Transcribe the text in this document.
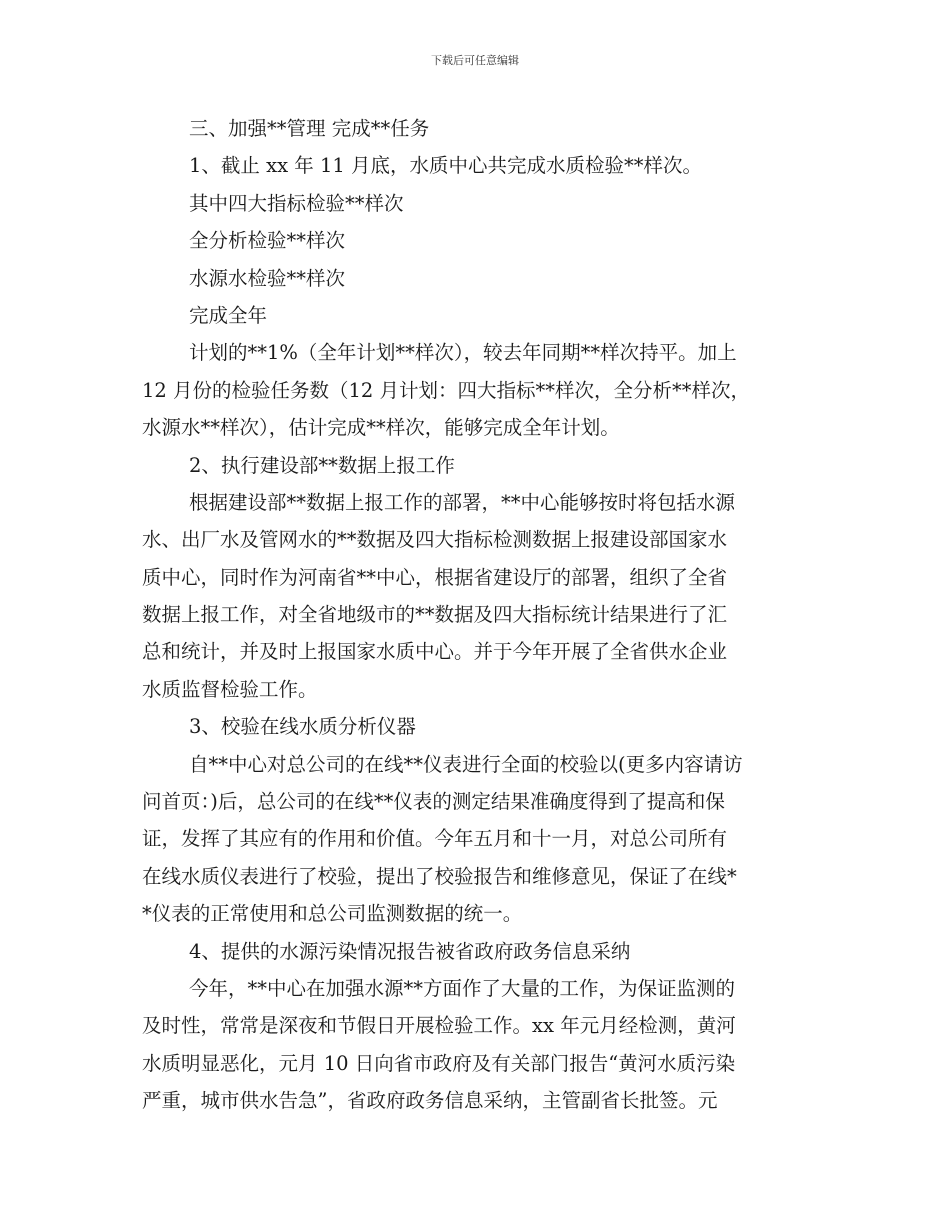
下载后可任意编辑
三、加强**管理 完成**任务
1、截止 xx 年 11 月底，水质中心共完成水质检验**样次。
其中四大指标检验**样次
全分析检验**样次
水源水检验**样次
完成全年
计划的**1%（全年计划**样次），较去年同期**样次持平。加上
12 月份的检验任务数（12 月计划：四大指标**样次，全分析**样次，
水源水**样次），估计完成**样次，能够完成全年计划。
2、执行建设部**数据上报工作
根据建设部**数据上报工作的部署，**中心能够按时将包括水源
水、出厂水及管网水的**数据及四大指标检测数据上报建设部国家水
质中心，同时作为河南省**中心，根据省建设厅的部署，组织了全省
数据上报工作，对全省地级市的**数据及四大指标统计结果进行了汇
总和统计，并及时上报国家水质中心。并于今年开展了全省供水企业
水质监督检验工作。
3、校验在线水质分析仪器
自**中心对总公司的在线**仪表进行全面的校验以(更多内容请访
问首页：)后，总公司的在线**仪表的测定结果准确度得到了提高和保
证，发挥了其应有的作用和价值。今年五月和十一月，对总公司所有
在线水质仪表进行了校验，提出了校验报告和维修意见，保证了在线*
*仪表的正常使用和总公司监测数据的统一。
4、提供的水源污染情况报告被省政府政务信息采纳
今年，**中心在加强水源**方面作了大量的工作，为保证监测的
及时性，常常是深夜和节假日开展检验工作。xx 年元月经检测，黄河
水质明显恶化，元月 10 日向省市政府及有关部门报告“黄河水质污染
严重，城市供水告急”，省政府政务信息采纳，主管副省长批签。元
